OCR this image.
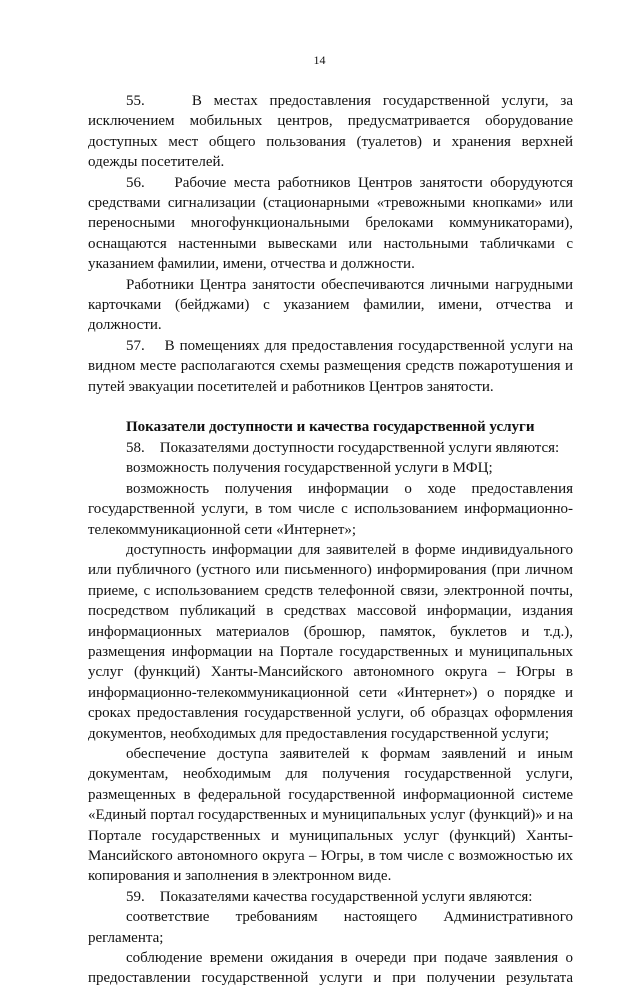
14

55.    В местах предоставления государственной услуги, за исключением мобильных центров, предусматривается оборудование доступных мест общего пользования (туалетов) и хранения верхней одежды посетителей.

56.    Рабочие места работников Центров занятости оборудуются средствами сигнализации (стационарными «тревожными кнопками» или переносными многофункциональными брелоками коммуникаторами), оснащаются настенными вывесками или настольными табличками с указанием фамилии, имени, отчества и должности.

Работники Центра занятости обеспечиваются личными нагрудными карточками (бейджами) с указанием фамилии, имени, отчества и должности.

57.    В помещениях для предоставления государственной услуги на видном месте располагаются схемы размещения средств пожаротушения и путей эвакуации посетителей и работников Центров занятости.

Показатели доступности и качества государственной услуги

58.    Показателями доступности государственной услуги являются:

возможность получения государственной услуги в МФЦ;

возможность получения информации о ходе предоставления государственной услуги, в том числе с использованием информационно-телекоммуникационной сети «Интернет»;

доступность информации для заявителей в форме индивидуального или публичного (устного или письменного) информирования (при личном приеме, с использованием средств телефонной связи, электронной почты, посредством публикаций в средствах массовой информации, издания информационных материалов (брошюр, памяток, буклетов и т.д.), размещения информации на Портале государственных и муниципальных услуг (функций) Ханты-Мансийского автономного округа – Югры в информационно-телекоммуникационной сети «Интернет») о порядке и сроках предоставления государственной услуги, об образцах оформления документов, необходимых для предоставления государственной услуги;

обеспечение доступа заявителей к формам заявлений и иным документам, необходимым для получения государственной услуги, размещенных в федеральной государственной информационной системе «Единый портал государственных и муниципальных услуг (функций)» и на Портале государственных и муниципальных услуг (функций) Ханты-Мансийского автономного округа – Югры, в том числе с возможностью их копирования и заполнения в электронном виде.

59.    Показателями качества государственной услуги являются:

соответствие требованиям настоящего Административного регламента;

соблюдение времени ожидания в очереди при подаче заявления о предоставлении государственной услуги и при получении результата
